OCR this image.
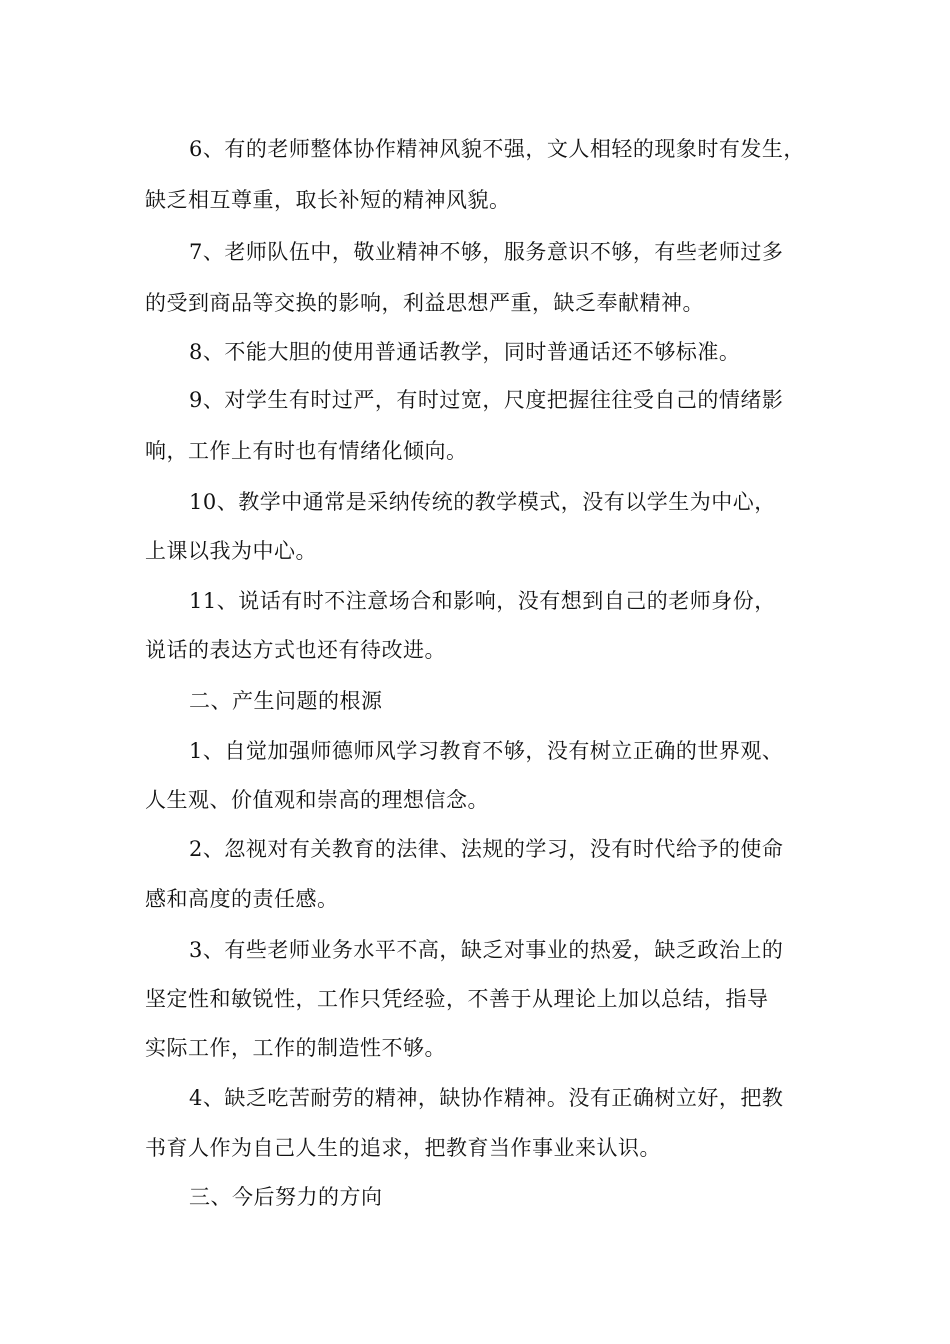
6、有的老师整体协作精神风貌不强，文人相轻的现象时有发生，
缺乏相互尊重，取长补短的精神风貌。
7、老师队伍中，敬业精神不够，服务意识不够，有些老师过多
的受到商品等交换的影响，利益思想严重，缺乏奉献精神。
8、不能大胆的使用普通话教学，同时普通话还不够标准。
9、对学生有时过严，有时过宽，尺度把握往往受自己的情绪影
响，工作上有时也有情绪化倾向。
10、教学中通常是采纳传统的教学模式，没有以学生为中心，
上课以我为中心。
11、说话有时不注意场合和影响，没有想到自己的老师身份，
说话的表达方式也还有待改进。
二、产生问题的根源
1、自觉加强师德师风学习教育不够，没有树立正确的世界观、
人生观、价值观和崇高的理想信念。
2、忽视对有关教育的法律、法规的学习，没有时代给予的使命
感和高度的责任感。
3、有些老师业务水平不高，缺乏对事业的热爱，缺乏政治上的
坚定性和敏锐性，工作只凭经验，不善于从理论上加以总结，指导
实际工作，工作的制造性不够。
4、缺乏吃苦耐劳的精神，缺协作精神。没有正确树立好，把教
书育人作为自己人生的追求，把教育当作事业来认识。
三、今后努力的方向
